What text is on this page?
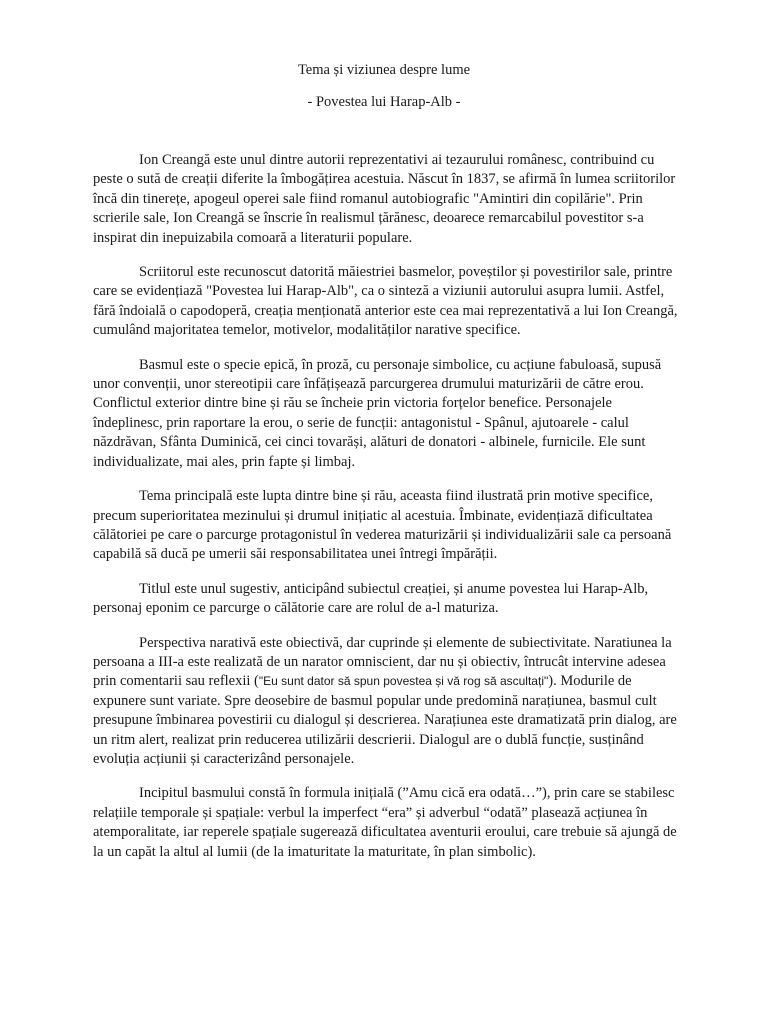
Tema și viziunea despre lume
- Povestea lui Harap-Alb -

Ion Creangă este unul dintre autorii reprezentativi ai tezaurului românesc, contribuind cu peste o sută de creații diferite la îmbogățirea acestuia. Născut în 1837, se afirmă în lumea scriitorilor încă din tinerețe, apogeul operei sale fiind romanul autobiografic "Amintiri din copilărie". Prin scrierile sale, Ion Creangă se înscrie în realismul țărănesc, deoarece remarcabilul povestitor s-a inspirat din inepuizabila comoară a literaturii populare.

Scriitorul este recunoscut datorită măiestriei basmelor, poveștilor și povestirilor sale, printre care se evidențiază "Povestea lui Harap-Alb", ca o sinteză a viziunii autorului asupra lumii. Astfel, fără îndoială o capodoperă, creația menționată anterior este cea mai reprezentativă a lui Ion Creangă, cumulând majoritatea temelor, motivelor, modalităților narative specifice.

Basmul este o specie epică, în proză, cu personaje simbolice, cu acțiune fabuloasă, supusă unor convenții, unor stereotipii care înfățișează parcurgerea drumului maturizării de către erou. Conflictul exterior dintre bine și rău se încheie prin victoria forțelor benefice. Personajele îndeplinesc, prin raportare la erou, o serie de funcții: antagonistul - Spânul, ajutoarele - calul năzdrăvan, Sfânta Duminică, cei cinci tovarăși, alături de donatori - albinele, furnicile. Ele sunt individualizate, mai ales, prin fapte și limbaj.

Tema principală este lupta dintre bine și rău, aceasta fiind ilustrată prin motive specifice, precum superioritatea mezinului și drumul inițiatic al acestuia. Îmbinate, evidențiază dificultatea călătoriei pe care o parcurge protagonistul în vederea maturizării și individualizării sale ca persoană capabilă să ducă pe umerii săi responsabilitatea unei întregi împărății.

Titlul este unul sugestiv, anticipând subiectul creației, și anume povestea lui Harap-Alb, personaj eponim ce parcurge o călătorie care are rolul de a-l maturiza.

Perspectiva narativă este obiectivă, dar cuprinde și elemente de subiectivitate. Naratiunea la persoana a III-a este realizată de un narator omniscient, dar nu și obiectiv, întrucât intervine adesea prin comentarii sau reflexii ("Eu sunt dator să spun povestea și vă rog să ascultați"). Modurile de expunere sunt variate. Spre deosebire de basmul popular unde predomină narațiunea, basmul cult presupune îmbinarea povestirii cu dialogul și descrierea. Narațiunea este dramatizată prin dialog, are un ritm alert, realizat prin reducerea utilizării descrierii. Dialogul are o dublă funcție, susținând evoluția acțiunii și caracterizând personajele.

Incipitul basmului constă în formula inițială (”Amu cică era odată…”), prin care se stabilesc relațiile temporale și spațiale: verbul la imperfect “era” și adverbul “odată” plasează acțiunea în atemporalitate, iar reperele spațiale sugerează dificultatea aventurii eroului, care trebuie să ajungă de la un capăt la altul al lumii (de la imaturitate la maturitate, în plan simbolic).
